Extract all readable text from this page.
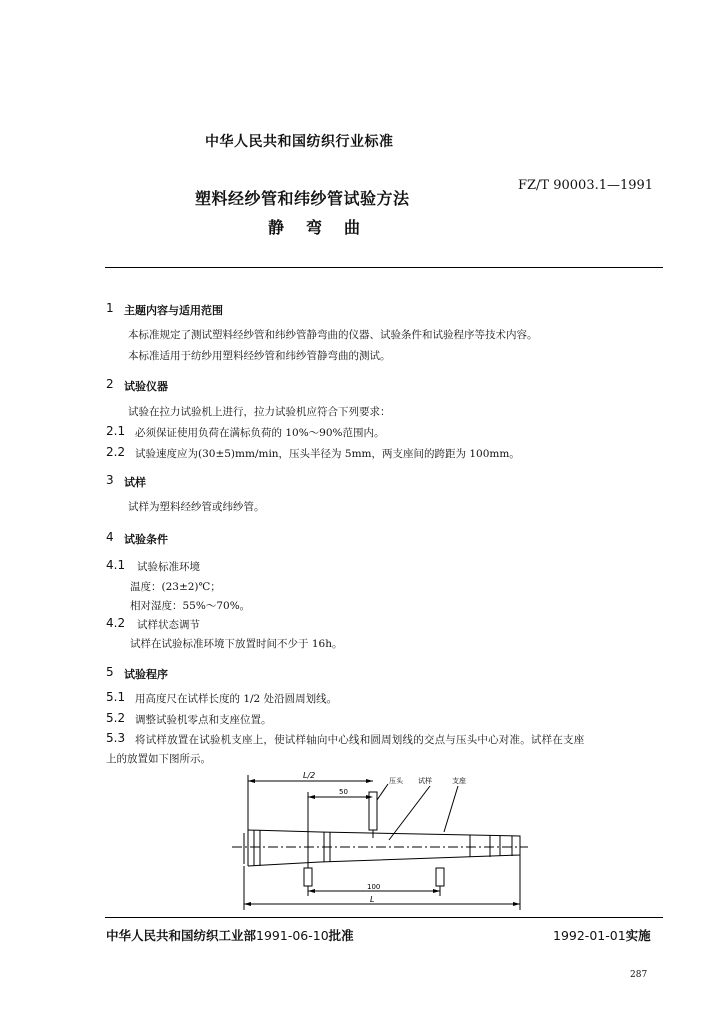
中华人民共和国纺织行业标准
塑料经纱管和纬纱管试验方法
静弯曲
FZ/T 90003.1—1991
1 主题内容与适用范围
本标准规定了测试塑料经纱管和纬纱管静弯曲的仪器、试验条件和试验程序等技术内容。
本标准适用于纺纱用塑料经纱管和纬纱管静弯曲的测试。
2 试验仪器
试验在拉力试验机上进行，拉力试验机应符合下列要求：
2.1 必须保证使用负荷在满标负荷的 10%～90%范围内。
2.2 试验速度应为(30±5)mm/min，压头半径为 5mm，两支座间的跨距为 100mm。
3 试样
试样为塑料经纱管或纬纱管。
4 试验条件
4.1 试验标准环境
温度：(23±2)℃；
相对湿度：55%～70%。
4.2 试样状态调节
试样在试验标准环境下放置时间不少于 16h。
5 试验程序
5.1 用高度尺在试样长度的 1/2 处沿圆周划线。
5.2 调整试验机零点和支座位置。
5.3 将试样放置在试验机支座上，使试样轴向中心线和圆周划线的交点与压头中心对准。试样在支座
上的放置如下图所示。
L/2
50
压头 试样	支座
100
L
中华人民共和国纺织工业部1991-06-10批准	1992-01-01实施
287
